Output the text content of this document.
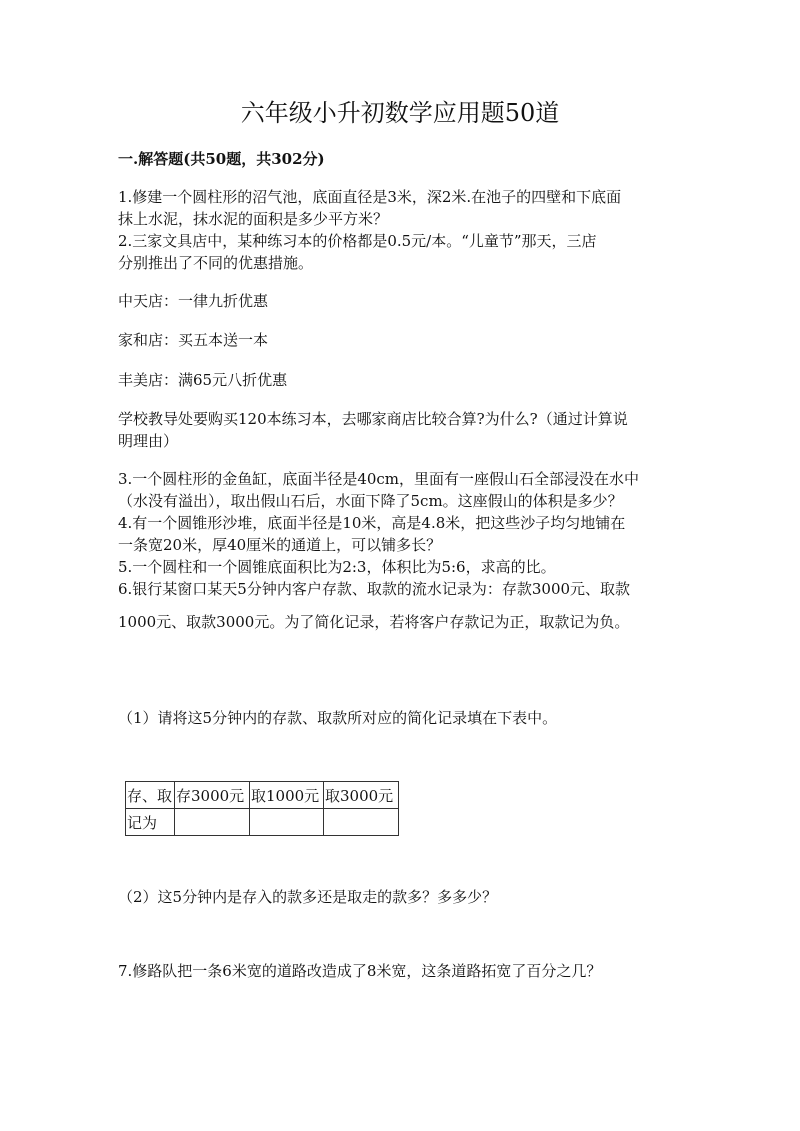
六年级小升初数学应用题50道
一.解答题(共50题，共302分)
1.修建一个圆柱形的沼气池，底面直径是3米，深2米.在池子的四壁和下底面
抹上水泥，抹水泥的面积是多少平方米？
2.三家文具店中，某种练习本的价格都是0.5元/本。“儿童节”那天，三店
分别推出了不同的优惠措施。
中天店：一律九折优惠
家和店：买五本送一本
丰美店：满65元八折优惠
学校教导处要购买120本练习本，去哪家商店比较合算?为什么?（通过计算说
明理由）
3.一个圆柱形的金鱼缸，底面半径是40cm，里面有一座假山石全部浸没在水中
（水没有溢出），取出假山石后，水面下降了5cm。这座假山的体积是多少？
4.有一个圆锥形沙堆，底面半径是10米，高是4.8米，把这些沙子均匀地铺在
一条宽20米，厚40厘米的通道上，可以铺多长？
5.一个圆柱和一个圆锥底面积比为2:3，体积比为5:6，求高的比。
6.银行某窗口某天5分钟内客户存款、取款的流水记录为：存款3000元、取款
1000元、取款3000元。为了简化记录，若将客户存款记为正，取款记为负。
（1）请将这5分钟内的存款、取款所对应的简化记录填在下表中。
存、取	存3000元	取1000元	取3000元
记为			
（2）这5分钟内是存入的款多还是取走的款多？多多少？
7.修路队把一条6米宽的道路改造成了8米宽，这条道路拓宽了百分之几？
